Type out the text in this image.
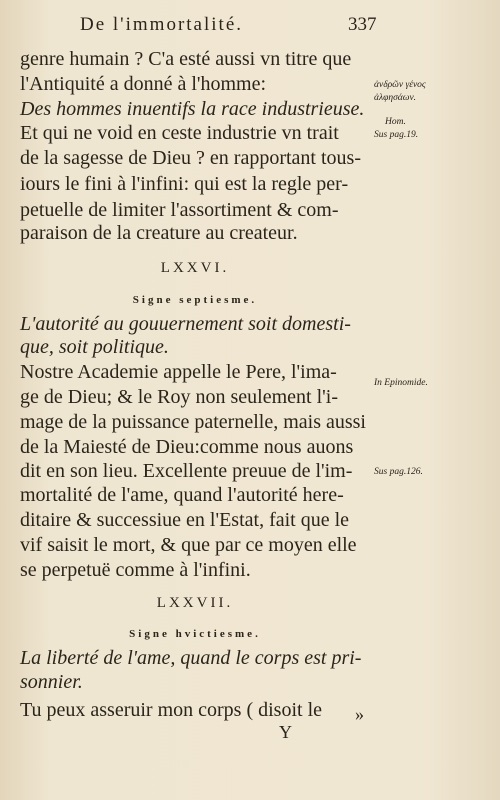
De l'immortalité.	337
genre humain ? C'a esté aussi vn titre que
l'Antiquité a donné à l'homme:
Des hommes inuentifs la race industrieuse.
Et qui ne void en ceste industrie vn trait
de la sagesse de Dieu ? en rapportant tous-
iours le fini à l'infini: qui est la regle per-
petuelle de limiter l'assortiment & com-
paraison de la creature au createur.
LXXVI.
Signe septiesme.
L'autorité au gouuernement soit domesti-
que, soit politique.
Nostre Academie appelle le Pere, l'ima-
ge de Dieu; & le Roy non seulement l'i-
mage de la puissance paternelle, mais aussi
de la Maiesté de Dieu:comme nous auons
dit en son lieu. Excellente preuue de l'im-
mortalité de l'ame, quand l'autorité here-
ditaire & successiue en l'Estat, fait que le
vif saisit le mort, & que par ce moyen elle
se perpetuë comme à l'infini.
LXXVII.
Signe hvictiesme.
La liberté de l'ame, quand le corps est pri-
sonnier.
Tu peux asseruir mon corps ( disoit le
ἀνδρῶν γένος
ἀλφησάων.
Hom.
Sus pag.19.
In Epinomide.
Sus pag.126.
»
Y
